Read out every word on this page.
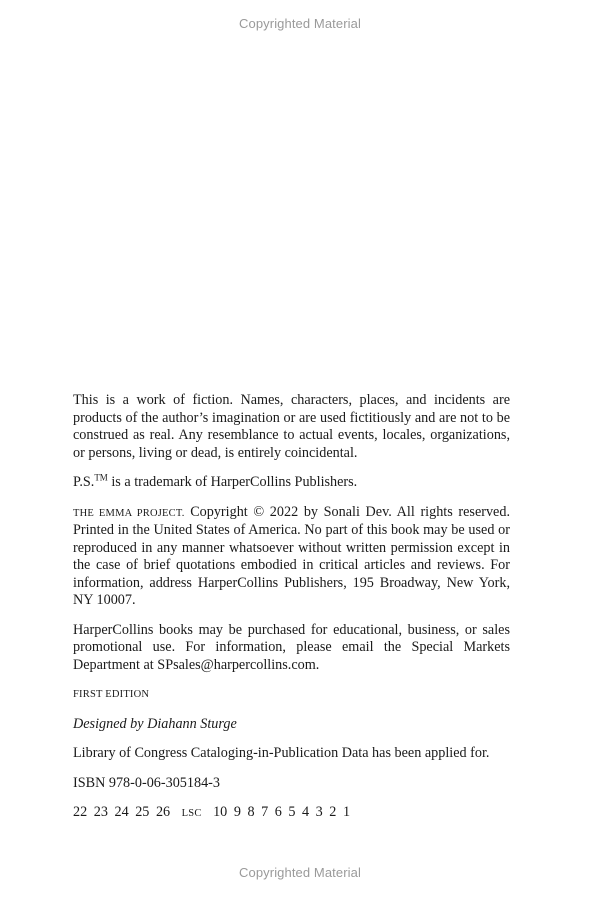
Copyrighted Material

This is a work of fiction. Names, characters, places, and incidents are products of the author’s imagination or are used fictitiously and are not to be construed as real. Any resemblance to actual events, locales, organizations, or persons, living or dead, is entirely coincidental.

P.S.™ is a trademark of HarperCollins Publishers.

THE EMMA PROJECT. Copyright © 2022 by Sonali Dev. All rights reserved. Printed in the United States of America. No part of this book may be used or reproduced in any manner whatsoever without written permission except in the case of brief quotations embodied in critical articles and reviews. For information, address HarperCollins Publishers, 195 Broadway, New York, NY 10007.

HarperCollins books may be purchased for educational, business, or sales promotional use. For information, please email the Special Markets Department at SPsales@harpercollins.com.

FIRST EDITION

Designed by Diahann Sturge

Library of Congress Cataloging-in-Publication Data has been applied for.

ISBN 978-0-06-305184-3

22 23 24 25 26 LSC 10 9 8 7 6 5 4 3 2 1

Copyrighted Material
